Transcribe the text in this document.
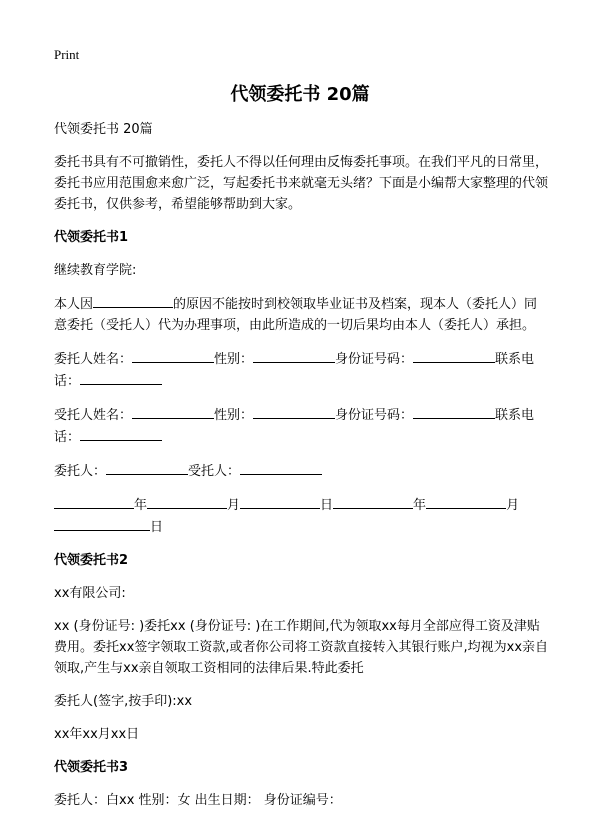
Print
代领委托书 20篇

代领委托书 20篇

委托书具有不可撤销性，委托人不得以任何理由反悔委托事项。在我们平凡的日常里，委托书应用范围愈来愈广泛，写起委托书来就毫无头绪？下面是小编帮大家整理的代领委托书，仅供参考，希望能够帮助到大家。

代领委托书1

继续教育学院:

本人因	的原因不能按时到校领取毕业证书及档案，现本人（委托人）同意委托（受托人）代为办理事项，由此所造成的一切后果均由本人（委托人）承担。

委托人姓名：	性别：	身份证号码：	联系电话：

受托人姓名：	性别：	身份证号码：	联系电话：

委托人：	受托人：

年	月	日	年	月日

代领委托书2

xx有限公司:

xx (身份证号: )委托xx (身份证号: )在工作期间,代为领取xx每月全部应得工资及津贴费用。委托xx签字领取工资款,或者你公司将工资款直接转入其银行账户,均视为xx亲自领取,产生与xx亲自领取工资相同的法律后果.特此委托

委托人(签字,按手印):xx

xx年xx月xx日

代领委托书3

委托人：白xx 性别：女 出生日期： 身份证编号：
